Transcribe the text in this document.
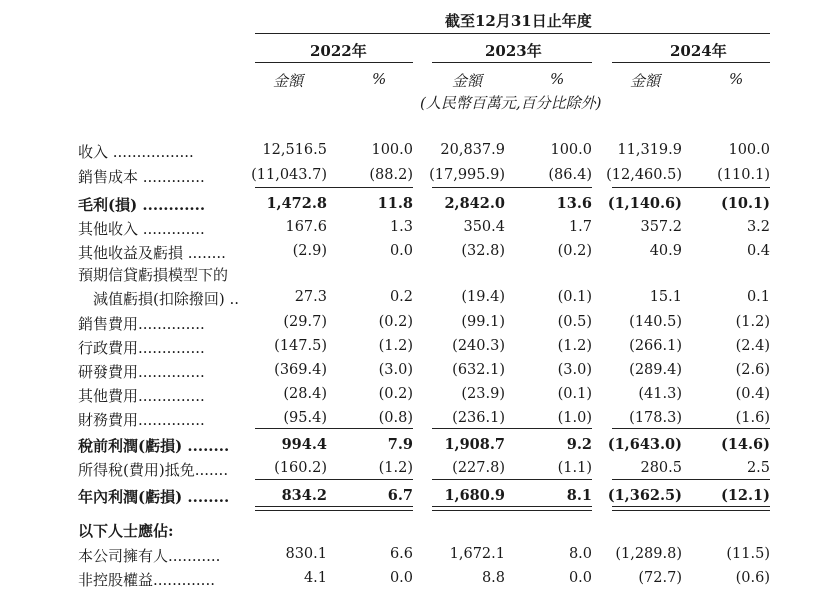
截至12月31日止年度
2022年	2023年	2024年
金額	%	金額	%	金額	%
(人民幣百萬元,百分比除外)
收入 .................	12,516.5	100.0 20,837.9	100.0 11,319.9	100.0
銷售成本 .............	(11,043.7)	(88.2) (17,995.9)	(86.4) (12,460.5) (110.1)
毛利(損) ............	1,472.8	11.8 2,842.0	13.6 (1,140.6)	(10.1)
其他收入 .............	167.6	1.3	350.4	1.7	357.2	3.2
其他收益及虧損 ........	(2.9)	0.0	(32.8)	(0.2)	40.9	0.4
預期信貸虧損模型下的
　減值虧損(扣除撥回) ..	27.3	0.2	(19.4)	(0.1)	15.1	0.1
銷售費用..............	(29.7)	(0.2)	(99.1)	(0.5)	(140.5)	(1.2)
行政費用..............	(147.5)	(1.2)	(240.3)	(1.2)	(266.1)	(2.4)
研發費用..............	(369.4)	(3.0)	(632.1)	(3.0)	(289.4)	(2.6)
其他費用..............	(28.4)	(0.2)	(23.9)	(0.1)	(41.3)	(0.4)
財務費用..............	(95.4)	(0.8)	(236.1)	(1.0)	(178.3)	(1.6)
稅前利潤(虧損) ........	994.4	7.9 1,908.7	9.2 (1,643.0)	(14.6)
所得稅(費用)抵免.......	(160.2)	(1.2)	(227.8)	(1.1)	280.5	2.5
年內利潤(虧損) ........	834.2	6.7 1,680.9	8.1 (1,362.5)	(12.1)
以下人士應佔:
本公司擁有人...........	830.1	6.6	1,672.1	8.0 (1,289.8)	(11.5)
非控股權益.............	4.1	0.0	8.8	0.0	(72.7)	(0.6)
